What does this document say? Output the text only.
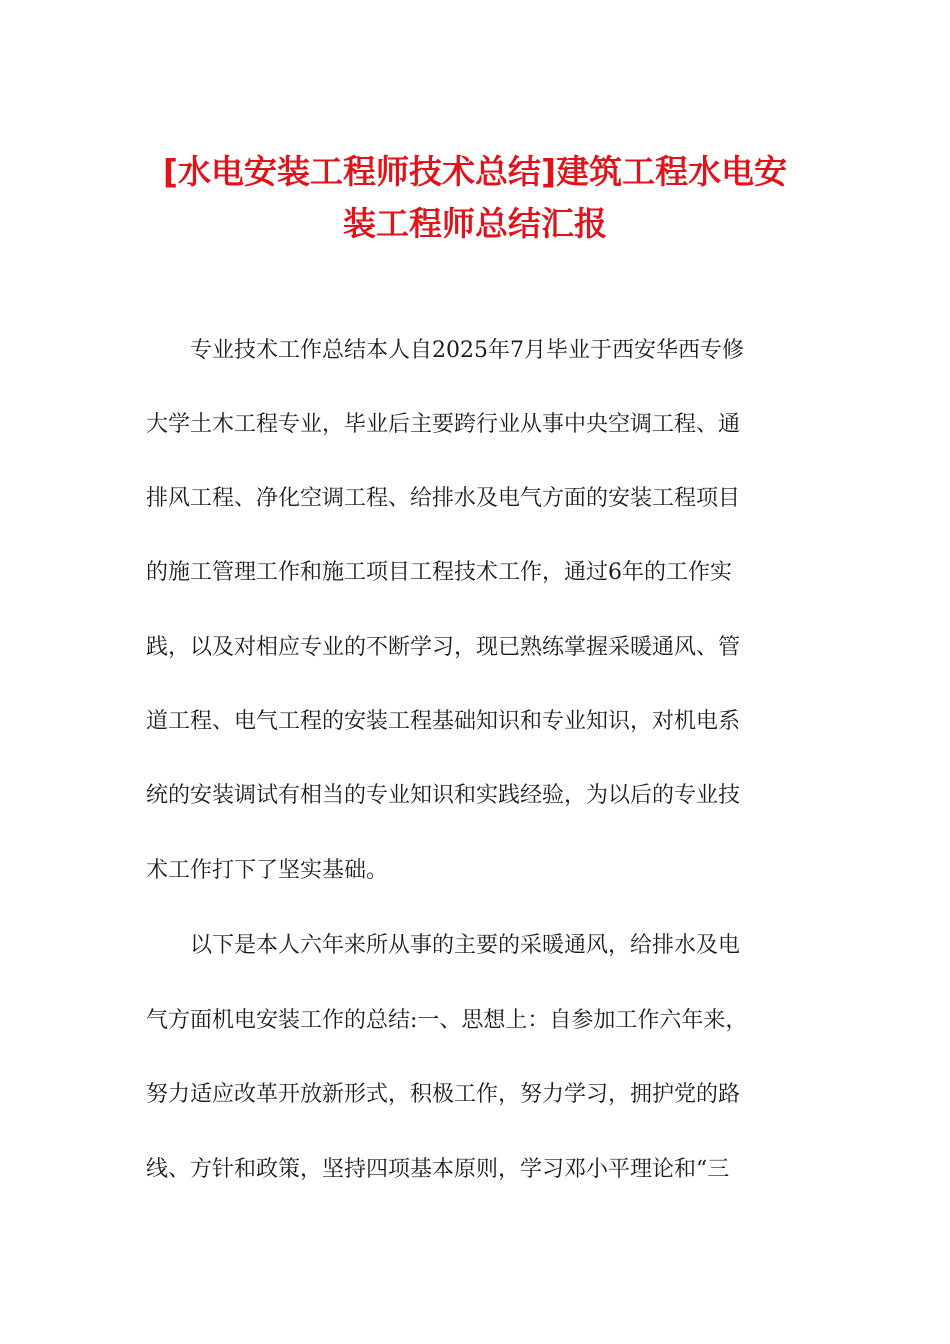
[水电安装工程师技术总结]建筑工程水电安
装工程师总结汇报
　　专业技术工作总结本人自2025年7月毕业于西安华西专修
大学土木工程专业，毕业后主要跨行业从事中央空调工程、通
排风工程、净化空调工程、给排水及电气方面的安装工程项目
的施工管理工作和施工项目工程技术工作，通过6年的工作实
践，以及对相应专业的不断学习，现已熟练掌握采暖通风、管
道工程、电气工程的安装工程基础知识和专业知识，对机电系
统的安装调试有相当的专业知识和实践经验，为以后的专业技
术工作打下了坚实基础。
　　以下是本人六年来所从事的主要的采暖通风，给排水及电
气方面机电安装工作的总结:一、思想上：自参加工作六年来，
努力适应改革开放新形式，积极工作，努力学习，拥护党的路
线、方针和政策，坚持四项基本原则，学习邓小平理论和“三
